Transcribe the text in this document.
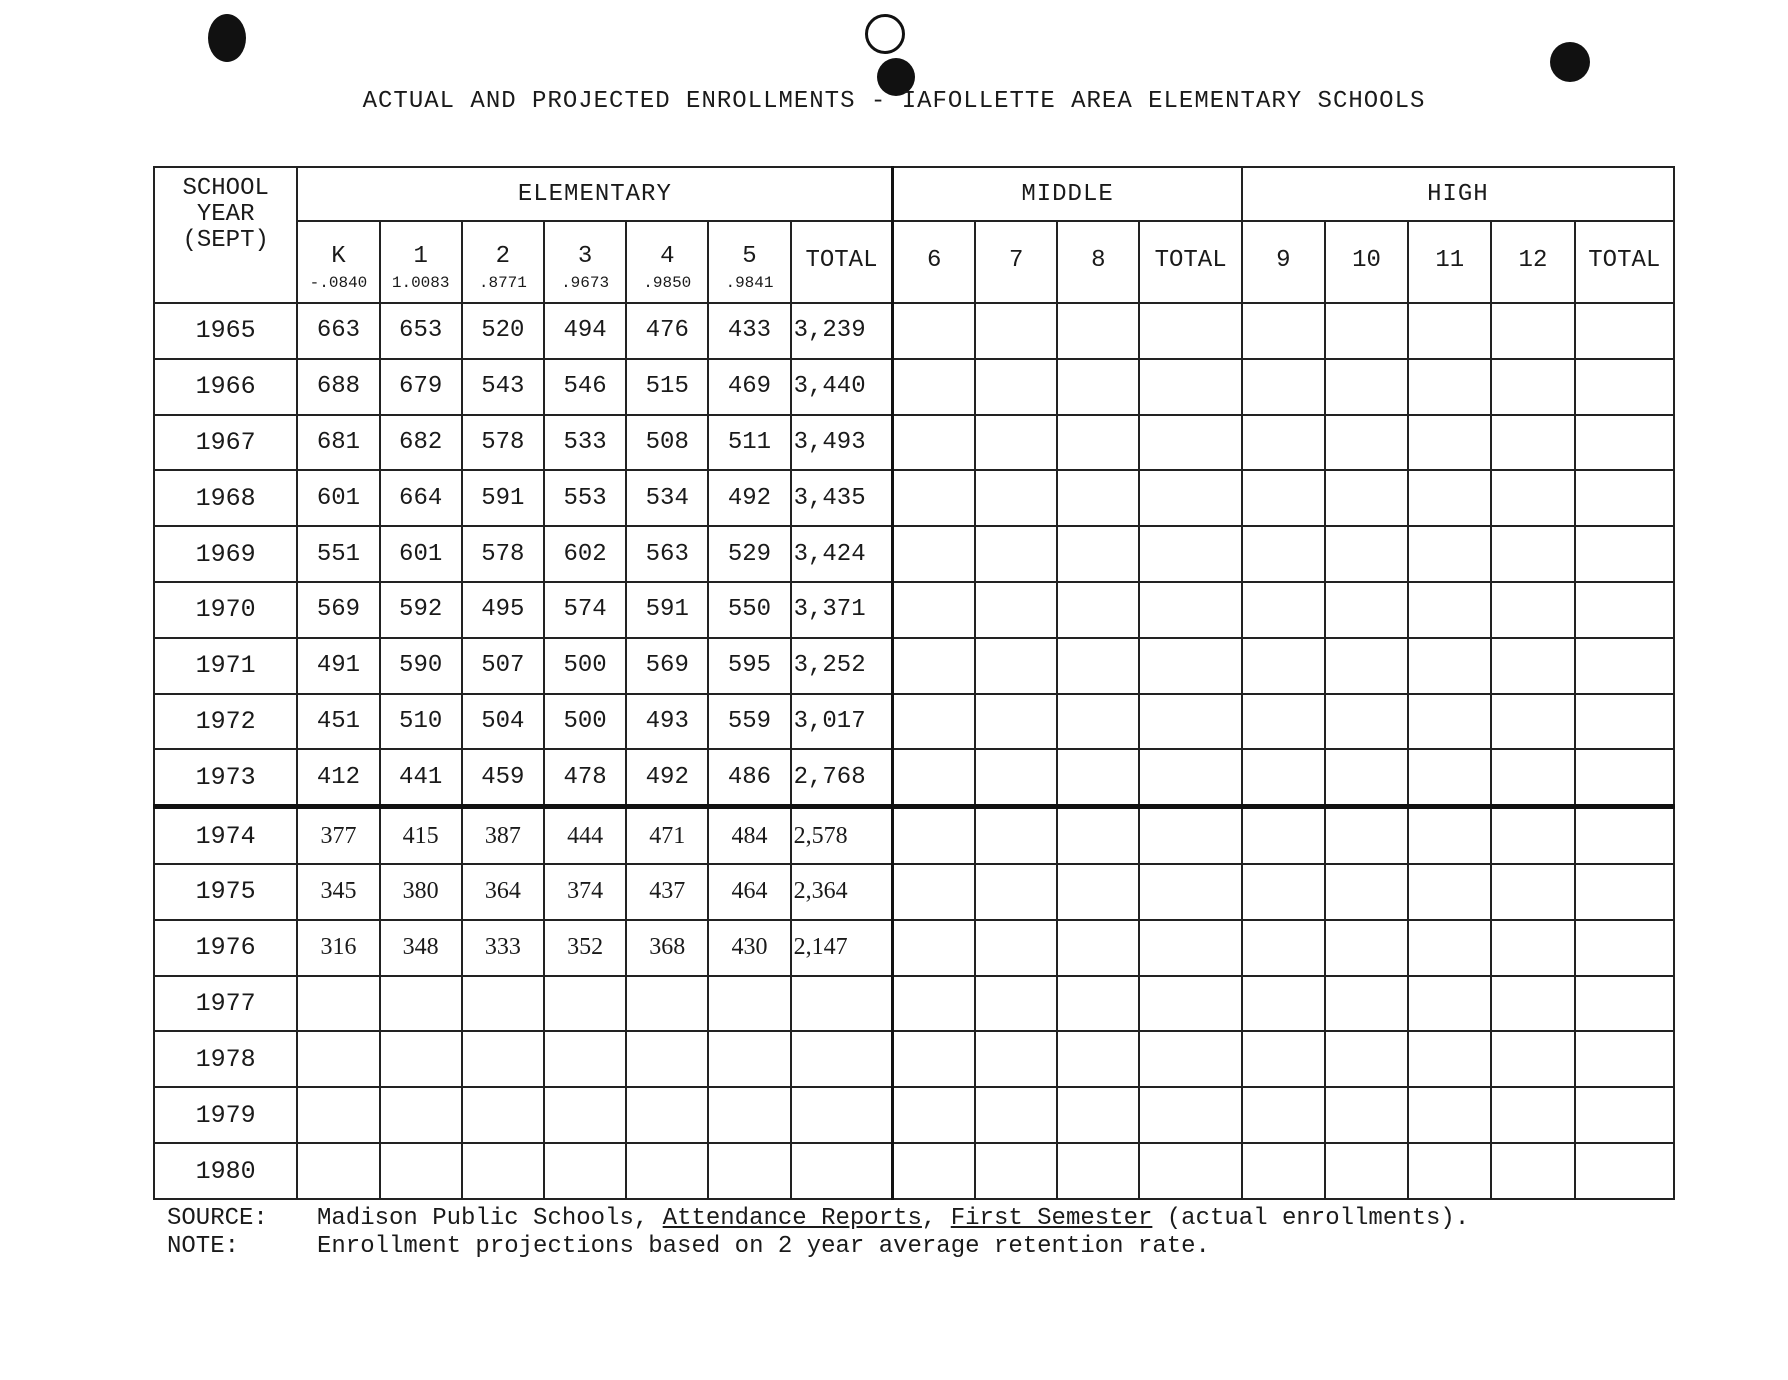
ACTUAL AND PROJECTED ENROLLMENTS - IAFOLLETTE AREA ELEMENTARY SCHOOLS
SCHOOL
YEAR
(SEPT)	ELEMENTARY							MIDDLE				HIGH				
	K	1	2	3	4	5	TOTAL	6	7	8	TOTAL	9	10	11	12	TOTAL
	-.0840	1.0083	.8771	.9673	.9850	.9841										
1965	663	653	520	494	476	433	3,239									
1966	688	679	543	546	515	469	3,440									
1967	681	682	578	533	508	511	3,493									
1968	601	664	591	553	534	492	3,435									
1969	551	601	578	602	563	529	3,424									
1970	569	592	495	574	591	550	3,371									
1971	491	590	507	500	569	595	3,252									
1972	451	510	504	500	493	559	3,017									
1973	412	441	459	478	492	486	2,768									
1974	377	415	387	444	471	484	2,578									
1975	345	380	364	374	437	464	2,364									
1976	316	348	333	352	368	430	2,147									
1977																
1978																
1979																
1980																
SOURCE: Madison Public Schools, Attendance Reports, First Semester (actual enrollments).
NOTE:	Enrollment projections based on 2 year average retention rate.
